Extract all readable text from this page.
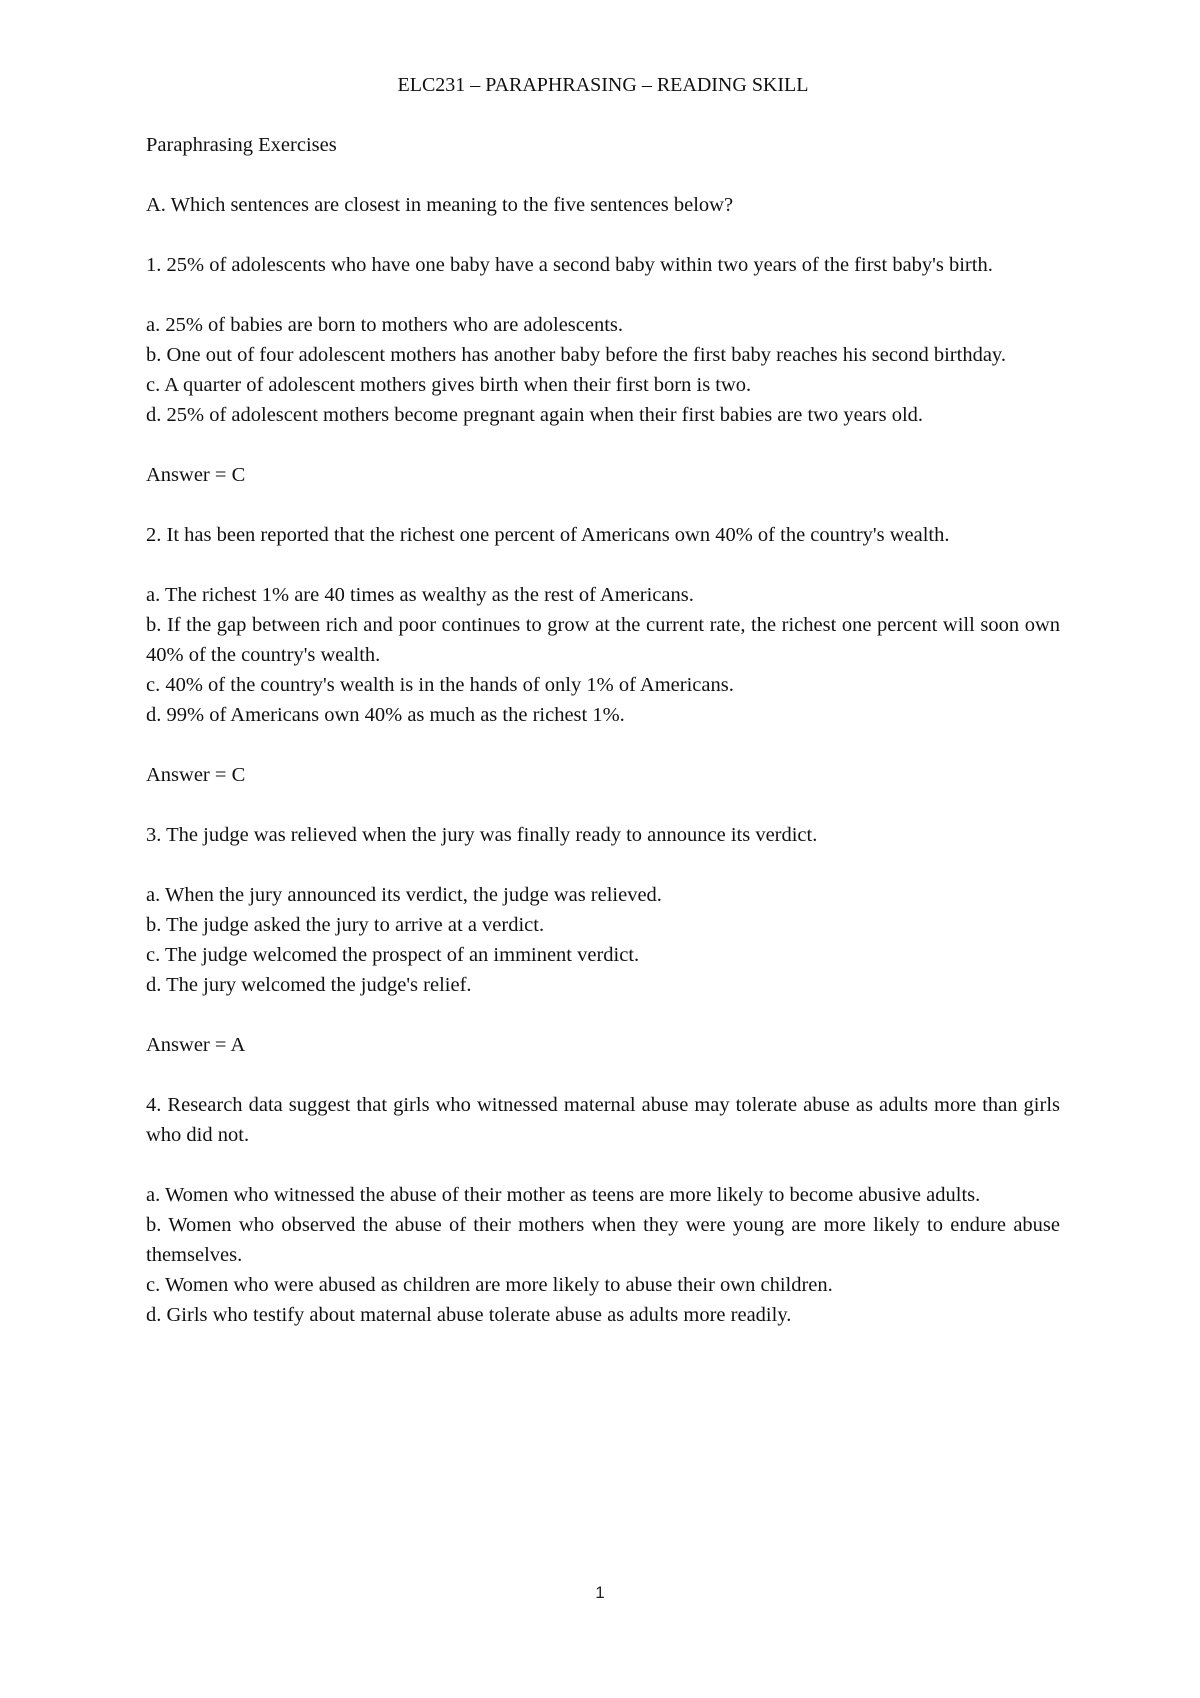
ELC231 – PARAPHRASING – READING SKILL
Paraphrasing Exercises
A. Which sentences are closest in meaning to the five sentences below?
1. 25% of adolescents who have one baby have a second baby within two years of the first baby's birth.
a. 25% of babies are born to mothers who are adolescents.
b. One out of four adolescent mothers has another baby before the first baby reaches his second birthday.
c. A quarter of adolescent mothers gives birth when their first born is two.
d. 25% of adolescent mothers become pregnant again when their first babies are two years old.
Answer = C
2. It has been reported that the richest one percent of Americans own 40% of the country's wealth.
a. The richest 1% are 40 times as wealthy as the rest of Americans.
b. If the gap between rich and poor continues to grow at the current rate, the richest one percent will soon own 40% of the country's wealth.
c. 40% of the country's wealth is in the hands of only 1% of Americans.
d. 99% of Americans own 40% as much as the richest 1%.
Answer = C
3. The judge was relieved when the jury was finally ready to announce its verdict.
a. When the jury announced its verdict, the judge was relieved.
b. The judge asked the jury to arrive at a verdict.
c. The judge welcomed the prospect of an imminent verdict.
d. The jury welcomed the judge's relief.
Answer = A
4. Research data suggest that girls who witnessed maternal abuse may tolerate abuse as adults more than girls who did not.
a. Women who witnessed the abuse of their mother as teens are more likely to become abusive adults.
b. Women who observed the abuse of their mothers when they were young are more likely to endure abuse themselves.
c. Women who were abused as children are more likely to abuse their own children.
d. Girls who testify about maternal abuse tolerate abuse as adults more readily.
1
